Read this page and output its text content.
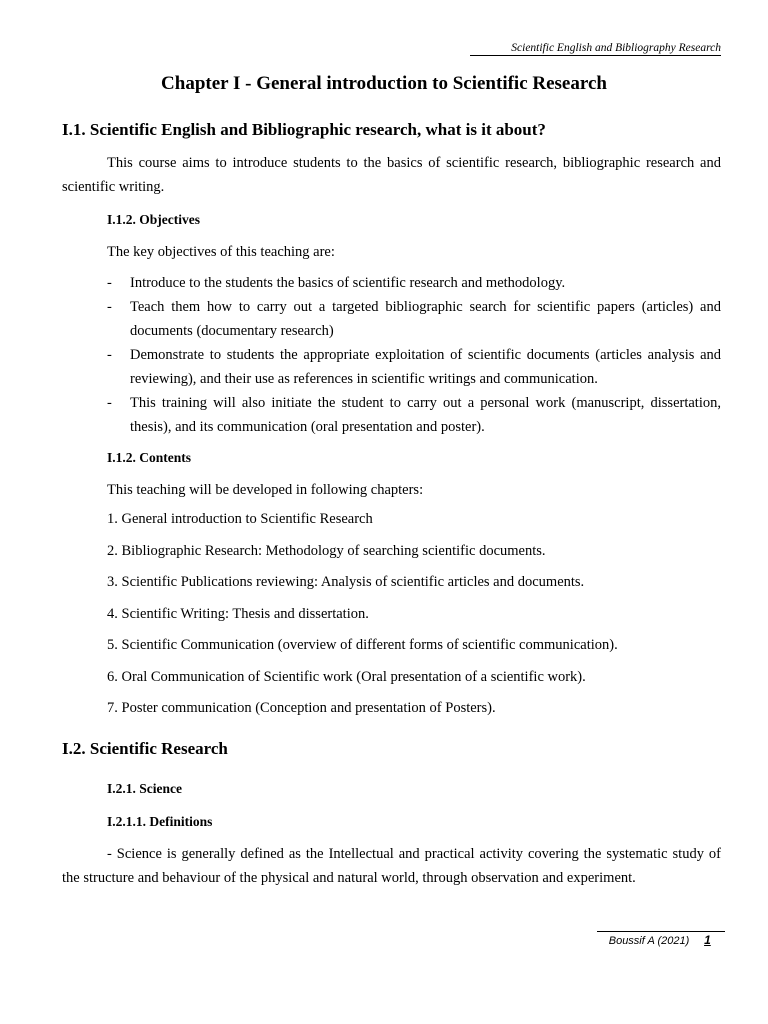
Scientific English and Bibliography Research
Chapter I - General introduction to Scientific Research
I.1. Scientific English and Bibliographic research, what is it about?

This course aims to introduce students to the basics of scientific research, bibliographic research and scientific writing.

I.1.2. Objectives

The key objectives of this teaching are:

- Introduce to the students the basics of scientific research and methodology.
- Teach them how to carry out a targeted bibliographic search for scientific papers (articles) and documents (documentary research)
- Demonstrate to students the appropriate exploitation of scientific documents (articles analysis and reviewing), and their use as references in scientific writings and communication.
- This training will also initiate the student to carry out a personal work (manuscript, dissertation, thesis), and its communication (oral presentation and poster).

I.1.2. Contents

This teaching will be developed in following chapters:

1. General introduction to Scientific Research

2. Bibliographic Research: Methodology of searching scientific documents.

3. Scientific Publications reviewing: Analysis of scientific articles and documents.

4. Scientific Writing: Thesis and dissertation.

5. Scientific Communication (overview of different forms of scientific communication).

6. Oral Communication of Scientific work (Oral presentation of a scientific work).

7. Poster communication (Conception and presentation of Posters).

I.2. Scientific Research

I.2.1. Science

I.2.1.1. Definitions

- Science is generally defined as the Intellectual and practical activity covering the systematic study of the structure and behaviour of the physical and natural world, through observation and experiment.

Boussif A (2021) 1
